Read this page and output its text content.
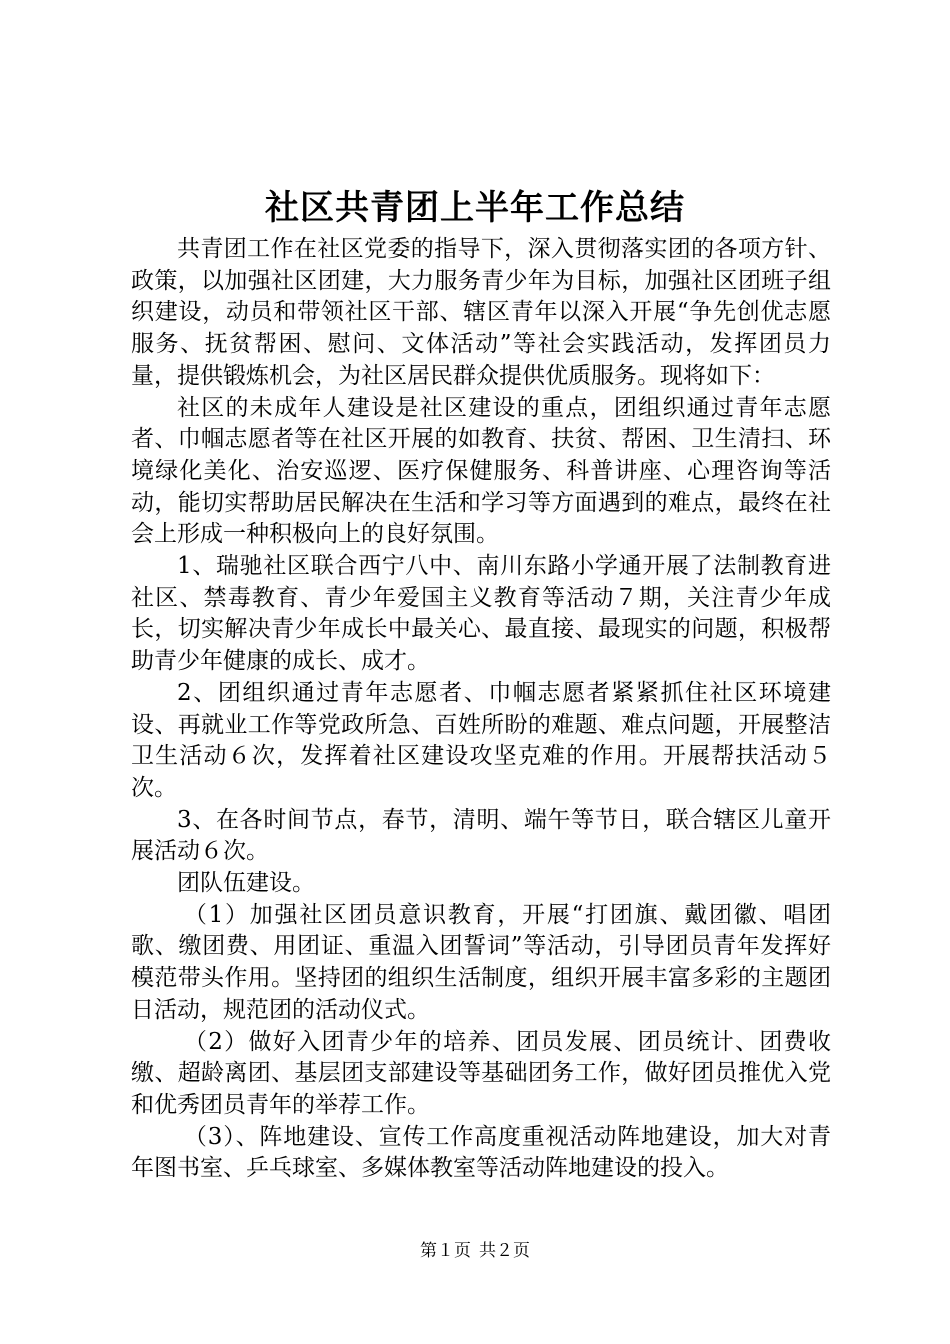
社区共青团上半年工作总结

共青团工作在社区党委的指导下，深入贯彻落实团的各项方针、政策，以加强社区团建，大力服务青少年为目标，加强社区团班子组织建设，动员和带领社区干部、辖区青年以深入开展“争先创优志愿服务、抚贫帮困、慰问、文体活动”等社会实践活动，发挥团员力量，提供锻炼机会，为社区居民群众提供优质服务。现将如下：

社区的未成年人建设是社区建设的重点，团组织通过青年志愿者、巾帼志愿者等在社区开展的如教育、扶贫、帮困、卫生清扫、环境绿化美化、治安巡逻、医疗保健服务、科普讲座、心理咨询等活动，能切实帮助居民解决在生活和学习等方面遇到的难点，最终在社会上形成一种积极向上的良好氛围。

1、瑞驰社区联合西宁八中、南川东路小学通开展了法制教育进社区、禁毒教育、青少年爱国主义教育等活动７期，关注青少年成长，切实解决青少年成长中最关心、最直接、最现实的问题，积极帮助青少年健康的成长、成才。

2、团组织通过青年志愿者、巾帼志愿者紧紧抓住社区环境建设、再就业工作等党政所急、百姓所盼的难题、难点问题，开展整洁卫生活动６次，发挥着社区建设攻坚克难的作用。开展帮扶活动５次。

3、在各时间节点，春节，清明、端午等节日，联合辖区儿童开展活动６次。

团队伍建设。

（1）加强社区团员意识教育，开展“打团旗、戴团徽、唱团歌、缴团费、用团证、重温入团誓词”等活动，引导团员青年发挥好模范带头作用。坚持团的组织生活制度，组织开展丰富多彩的主题团日活动，规范团的活动仪式。

（2）做好入团青少年的培养、团员发展、团员统计、团费收缴、超龄离团、基层团支部建设等基础团务工作，做好团员推优入党和优秀团员青年的举荐工作。

（3）、阵地建设、宣传工作高度重视活动阵地建设，加大对青年图书室、乒乓球室、多媒体教室等活动阵地建设的投入。

第１页 共２页
